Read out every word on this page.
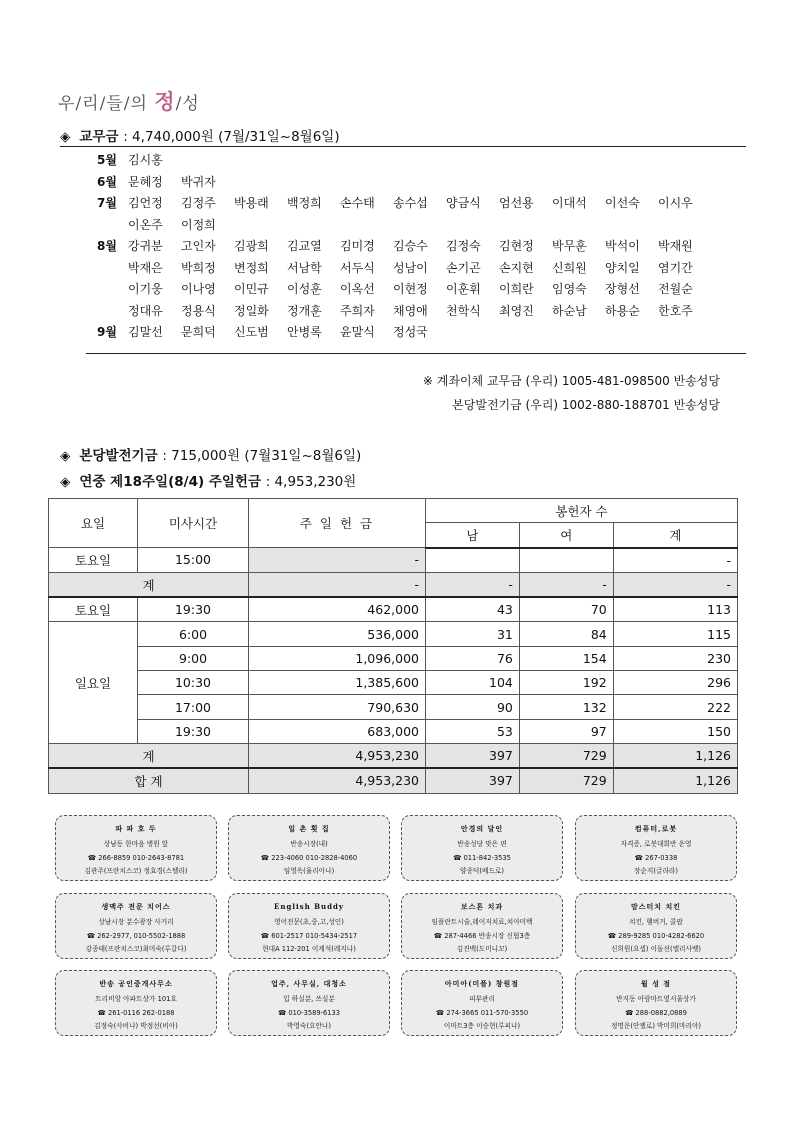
우/리/들/의 정/성
◈ 교무금 : 4,740,000원 (7월/31일~8월6일)
5월 김시홍
6월 문혜정	박귀자
7월 김언정	김정주	박용래	백정희	손수태	송수섭	양금식	엄선용	이대석	이선숙	이시우
이온주	이정희
8월 강귀분	고인자	김광희	김교열	김미경	김승수	김정숙	김현정	박무훈	박석이	박재원
박재은	박희정	변정희	서남학	서두식	성남이	손기곤	손지현	신희원	양치일	염기간
이기웅	이나영	이민규	이성훈	이옥선	이현정	이훈휘	이희란	임영숙	장형선	전월순
정대유	정용식	정일화	정개훈	주희자	채영애	천학식	최영진	하순남	하용순	한호주
9월 김말선	문희덕	신도범	안병록	윤말식	정성국
※ 계좌이체 교무금 (우리) 1005-481-098500 반송성당
본당발전기금 (우리) 1002-880-188701 반송성당
◈ 본당발전기금 : 715,000원 (7월31일~8월6일)
◈ 연중 제18주일(8/4) 주일헌금 : 4,953,230원
요일	미사시간	주 일 헌 금	봉헌자 수		
			남	여	계
토요일	15:00	-			-
계		-	-	-	-
토요일	19:30	462,000	43	70	113
일요일	6:00	536,000	31	84	115
	9:00	1,096,000	76	154	230
	10:30	1,385,600	104	192	296
	17:00	790,630	90	132	222
	19:30	683,000	53	97	150
계		4,953,230	397	729	1,126
합 계		4,953,230	397	729	1,126
파 파 호 두
상남동 한마음 병원 앞
☎ 266-8859 010-2643-8781
김관주(프란치스코) 정효경(스텔라)
일 촌 횟 집
반송시장(내)
☎ 223-4060 010-2828-4060
임영옥(율리아나)
안경의 달인
반송성당 맞은 편
☎ 011-842-3535
양종덕(베드로)
컴퓨터,로봇
자격증, 로봇대회반 운영
☎ 267-0338
장순지(글라라)
생맥주 전문 치어스
상남시장 분수광장 사거리
☎ 262-2977, 010-5502-1888
강종태(프란치스코)최미숙(루갈다)
English Buddy
영어전문(초,중,고,성인)
☎ 601-2517 010-5434-2517
현대A 112-201 이계석(레지나)
보스톤 치과
임플란트시술,레이저치료,치아미백
☎ 287-4466 반송시장 신협3층
김진백(도미니꼬)
맘스터치 치킨
치킨, 햄버거, 콜팝
☎ 289-9285 010-4282-6620
신희원(요셉) 이돌선(엘리사벳)
반송 공인중개사무소
트리비앙 아파트상가 101호
☎ 261-0116 262-0188
김정숙(사비나) 박정선(비아)
업주, 사무실, 대청소
입 하실분, 쓰실분
☎ 010-3589-6133
박영숙(요안나)
아미아(미플) 창원점
피부관리
☎ 274-3665 011-570-3550
이마트3층 이승현(루피나)
월 성 점
반지동 아람마트옆서울상가
☎ 288-0882,0889
정명운(안젤로) 박미희(마리아)
